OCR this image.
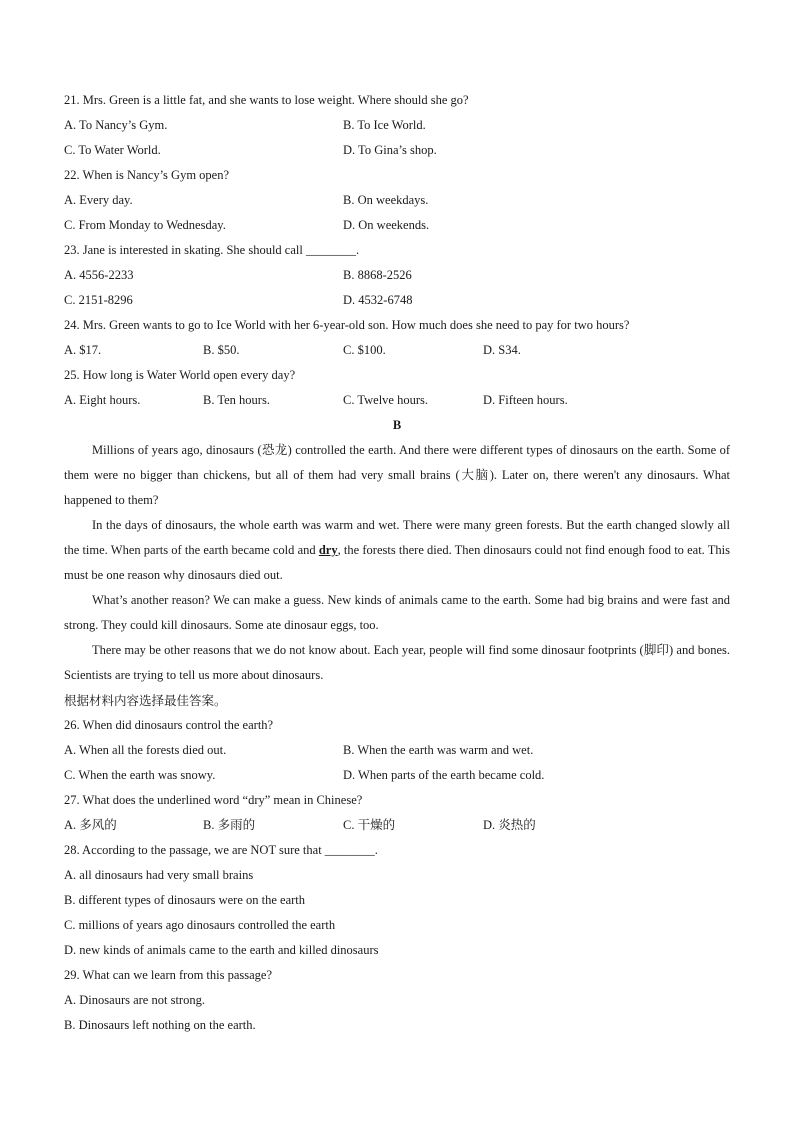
21. Mrs. Green is a little fat, and she wants to lose weight. Where should she go?
A. To Nancy’s Gym.	B. To Ice World.
C. To Water World.	D. To Gina’s shop.
22. When is Nancy’s Gym open?
A. Every day.	B. On weekdays.
C. From Monday to Wednesday.	D. On weekends.
23. Jane is interested in skating. She should call ________.
A. 4556-2233	B. 8868-2526
C. 2151-8296	D. 4532-6748
24. Mrs. Green wants to go to Ice World with her 6-year-old son. How much does she need to pay for two hours?
A. $17.	B. $50.	C. $100.	D. S34.
25. How long is Water World open every day?
A. Eight hours.	B. Ten hours.	C. Twelve hours.	D. Fifteen hours.
B

Millions of years ago, dinosaurs (恐龙) controlled the earth. And there were different types of dinosaurs on the earth. Some of them were no bigger than chickens, but all of them had very small brains (大脑). Later on, there weren't any dinosaurs. What happened to them?

In the days of dinosaurs, the whole earth was warm and wet. There were many green forests. But the earth changed slowly all the time. When parts of the earth became cold and dry, the forests there died. Then dinosaurs could not find enough food to eat. This must be one reason why dinosaurs died out.

What’s another reason? We can make a guess. New kinds of animals came to the earth. Some had big brains and were fast and strong. They could kill dinosaurs. Some ate dinosaur eggs, too.

There may be other reasons that we do not know about. Each year, people will find some dinosaur footprints (脚印) and bones. Scientists are trying to tell us more about dinosaurs.

根据材料内容选择最佳答案。
26. When did dinosaurs control the earth?
A. When all the forests died out.	B. When the earth was warm and wet.
C. When the earth was snowy.	D. When parts of the earth became cold.
27. What does the underlined word “dry” mean in Chinese?
A. 多风的	B. 多雨的	C. 干燥的	D. 炎热的
28. According to the passage, we are NOT sure that ________.
A. all dinosaurs had very small brains
B. different types of dinosaurs were on the earth
C. millions of years ago dinosaurs controlled the earth
D. new kinds of animals came to the earth and killed dinosaurs
29. What can we learn from this passage?
A. Dinosaurs are not strong.
B. Dinosaurs left nothing on the earth.
